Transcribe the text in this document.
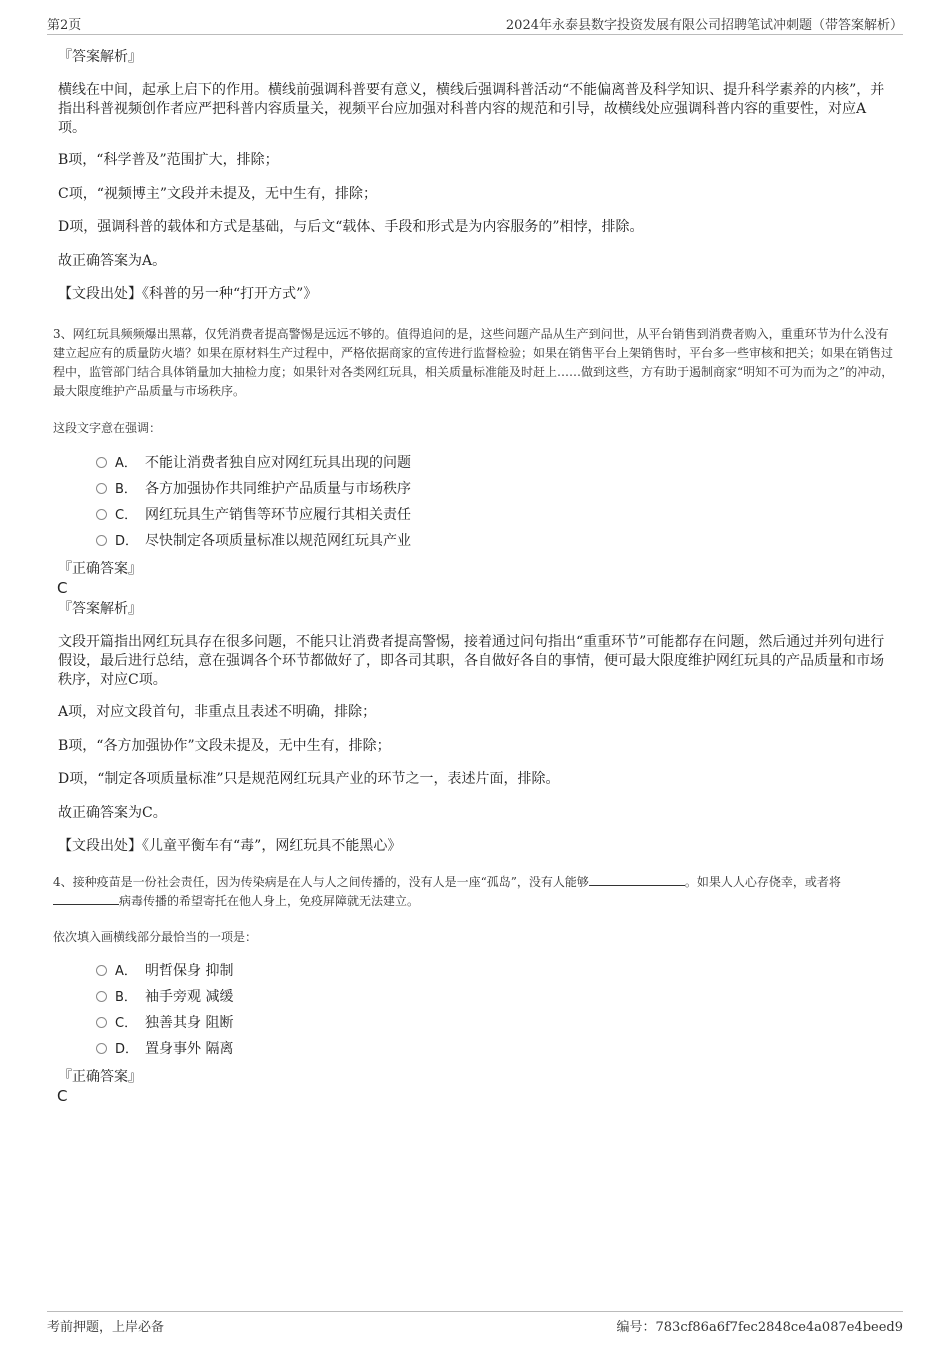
第2页	2024年永泰县数字投资发展有限公司招聘笔试冲刺题（带答案解析）
『答案解析』
横线在中间，起承上启下的作用。横线前强调科普要有意义，横线后强调科普活动“不能偏离普及科学知识、提升科学素养的内核”，并指出科普视频创作者应严把科普内容质量关，视频平台应加强对科普内容的规范和引导，故横线处应强调科普内容的重要性，对应A项。
B项，“科学普及”范围扩大，排除；
C项，“视频博主”文段并未提及，无中生有，排除；
D项，强调科普的载体和方式是基础，与后文“载体、手段和形式是为内容服务的”相悖，排除。
故正确答案为A。
【文段出处】《科普的另一种“打开方式”》
3、网红玩具频频爆出黑幕，仅凭消费者提高警惕是远远不够的。值得追问的是，这些问题产品从生产到问世，从平台销售到消费者购入，重重环节为什么没有建立起应有的质量防火墙？如果在原材料生产过程中，严格依据商家的宣传进行监督检验；如果在销售平台上架销售时，平台多一些审核和把关；如果在销售过程中，监管部门结合具体销量加大抽检力度；如果针对各类网红玩具，相关质量标准能及时赶上……做到这些，方有助于遏制商家“明知不可为而为之”的冲动，最大限度维护产品质量与市场秩序。
这段文字意在强调：
A． 不能让消费者独自应对网红玩具出现的问题
B． 各方加强协作共同维护产品质量与市场秩序
C． 网红玩具生产销售等环节应履行其相关责任
D． 尽快制定各项质量标准以规范网红玩具产业
『正确答案』
C
『答案解析』
文段开篇指出网红玩具存在很多问题，不能只让消费者提高警惕，接着通过问句指出“重重环节”可能都存在问题，然后通过并列句进行假设，最后进行总结，意在强调各个环节都做好了，即各司其职，各自做好各自的事情，便可最大限度维护网红玩具的产品质量和市场秩序，对应C项。
A项，对应文段首句，非重点且表述不明确，排除；
B项，“各方加强协作”文段未提及，无中生有，排除；
D项，“制定各项质量标准”只是规范网红玩具产业的环节之一，表述片面，排除。
故正确答案为C。
【文段出处】《儿童平衡车有“毒”，网红玩具不能黑心》
4、接种疫苗是一份社会责任，因为传染病是在人与人之间传播的，没有人是一座“孤岛”，没有人能够	。如果人人心存侥幸，或者将病毒传播的希望寄托在他人身上，免疫屏障就无法建立。
依次填入画横线部分最恰当的一项是：
A． 明哲保身 抑制
B． 袖手旁观 减缓
C． 独善其身 阻断
D． 置身事外 隔离
『正确答案』
C
考前押题，上岸必备	编号：783cf86a6f7fec2848ce4a087e4beed9
